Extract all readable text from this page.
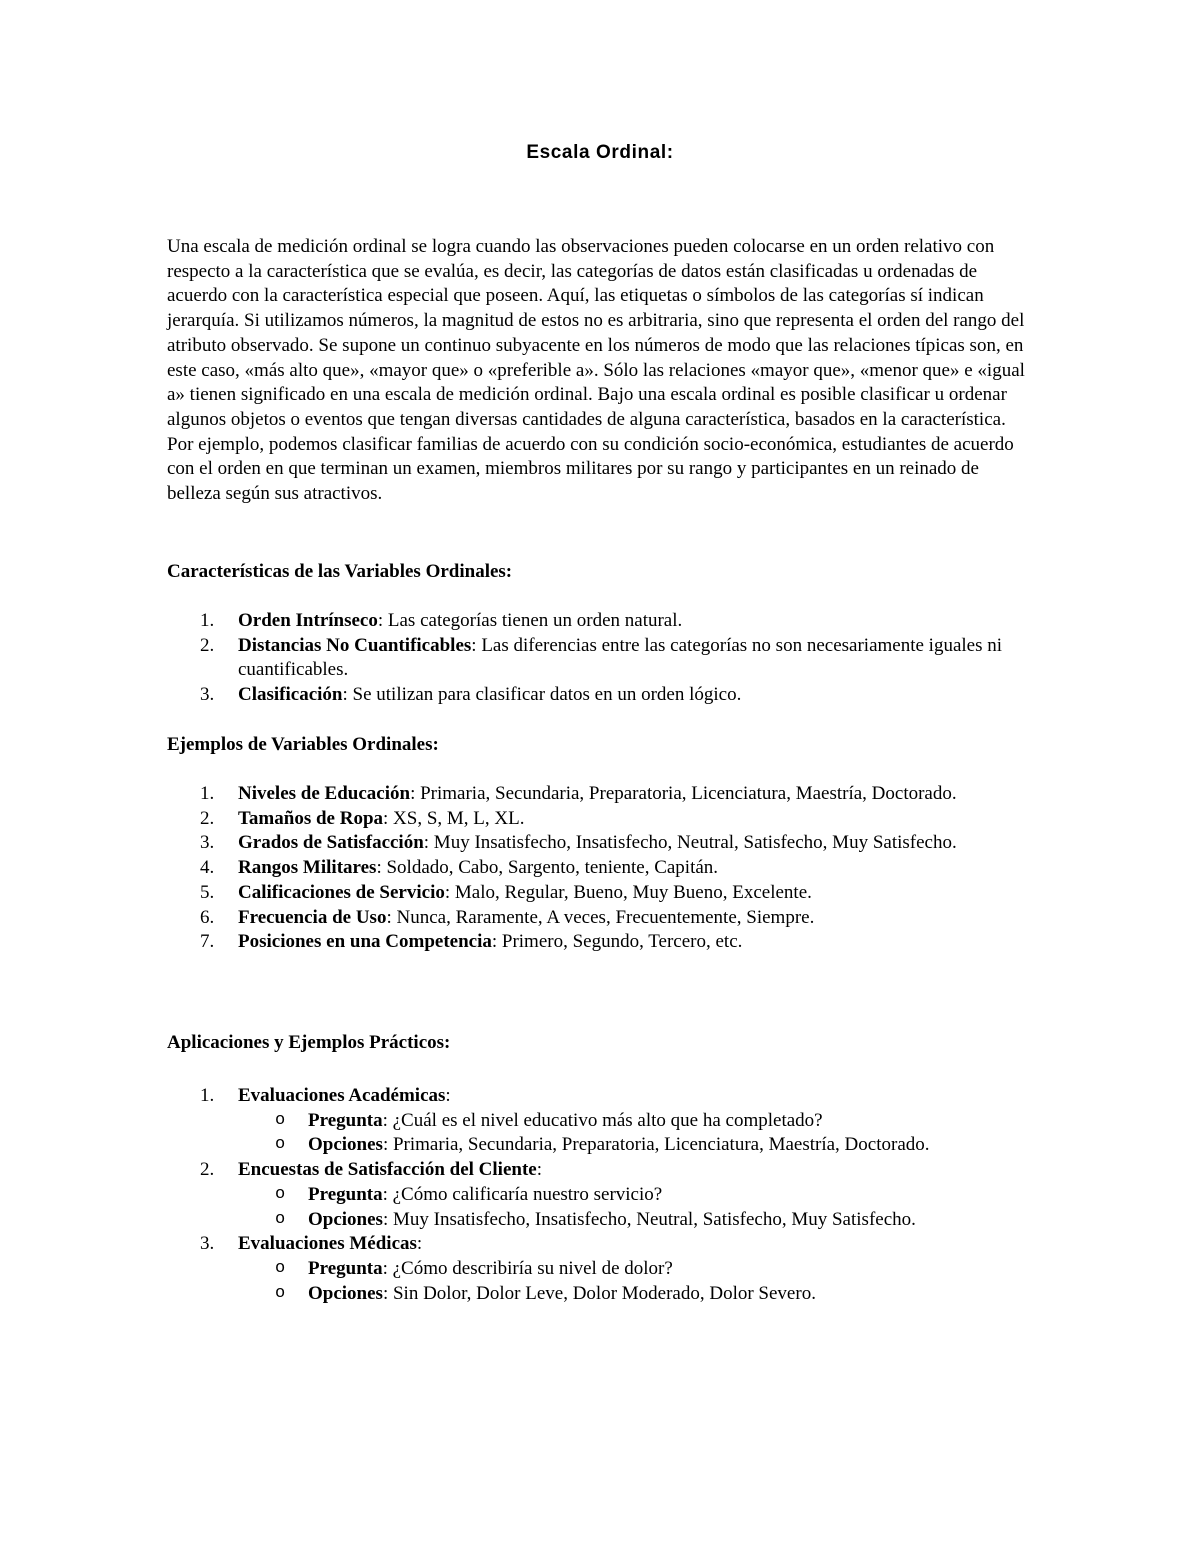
Escala Ordinal:

Una escala de medición ordinal se logra cuando las observaciones pueden colocarse en un orden relativo con respecto a la característica que se evalúa, es decir, las categorías de datos están clasificadas u ordenadas de acuerdo con la característica especial que poseen. Aquí, las etiquetas o símbolos de las categorías sí indican jerarquía. Si utilizamos números, la magnitud de estos no es arbitraria, sino que representa el orden del rango del atributo observado. Se supone un continuo subyacente en los números de modo que las relaciones típicas son, en este caso, «más alto que», «mayor que» o «preferible a». Sólo las relaciones «mayor que», «menor que» e «igual a» tienen significado en una escala de medición ordinal. Bajo una escala ordinal es posible clasificar u ordenar algunos objetos o eventos que tengan diversas cantidades de alguna característica, basados en la característica. Por ejemplo, podemos clasificar familias de acuerdo con su condición socio-económica, estudiantes de acuerdo con el orden en que terminan un examen, miembros militares por su rango y participantes en un reinado de belleza según sus atractivos.

Características de las Variables Ordinales:
1. Orden Intrínseco: Las categorías tienen un orden natural.
2. Distancias No Cuantificables: Las diferencias entre las categorías no son necesariamente iguales ni cuantificables.
3. Clasificación: Se utilizan para clasificar datos en un orden lógico.
Ejemplos de Variables Ordinales:
1. Niveles de Educación: Primaria, Secundaria, Preparatoria, Licenciatura, Maestría, Doctorado.
2. Tamaños de Ropa: XS, S, M, L, XL.
3. Grados de Satisfacción: Muy Insatisfecho, Insatisfecho, Neutral, Satisfecho, Muy Satisfecho.
4. Rangos Militares: Soldado, Cabo, Sargento, teniente, Capitán.
5. Calificaciones de Servicio: Malo, Regular, Bueno, Muy Bueno, Excelente.
6. Frecuencia de Uso: Nunca, Raramente, A veces, Frecuentemente, Siempre.
7. Posiciones en una Competencia: Primero, Segundo, Tercero, etc.
Aplicaciones y Ejemplos Prácticos:
1. Evaluaciones Académicas:
o Pregunta: ¿Cuál es el nivel educativo más alto que ha completado?
o Opciones: Primaria, Secundaria, Preparatoria, Licenciatura, Maestría, Doctorado.
2. Encuestas de Satisfacción del Cliente:
o Pregunta: ¿Cómo calificaría nuestro servicio?
o Opciones: Muy Insatisfecho, Insatisfecho, Neutral, Satisfecho, Muy Satisfecho.
3. Evaluaciones Médicas:
o Pregunta: ¿Cómo describiría su nivel de dolor?
o Opciones: Sin Dolor, Dolor Leve, Dolor Moderado, Dolor Severo.
